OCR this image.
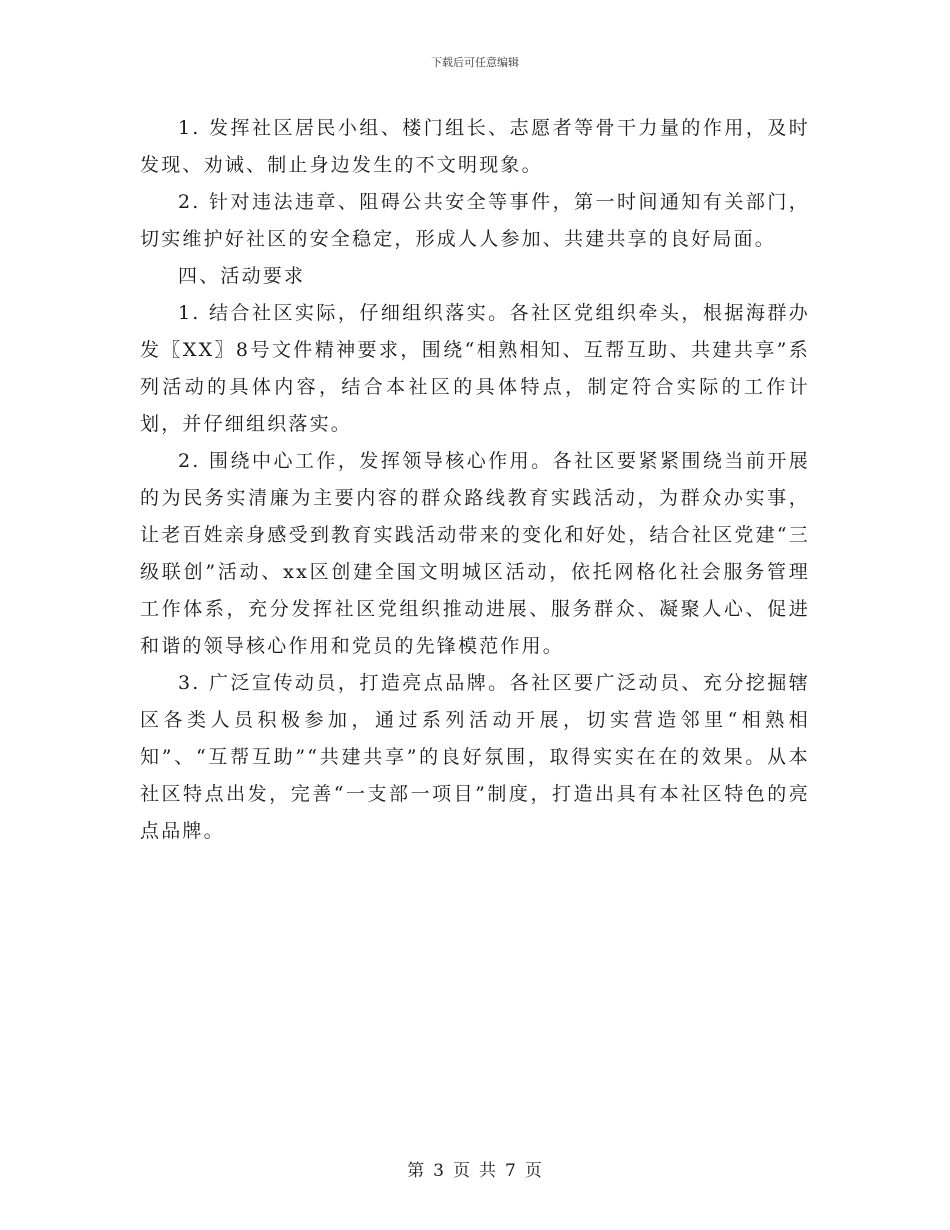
下载后可任意编辑

1. 发挥社区居民小组、楼门组长、志愿者等骨干力量的作用，及时发现、劝诫、制止身边发生的不文明现象。

2. 针对违法违章、阻碍公共安全等事件，第一时间通知有关部门，切实维护好社区的安全稳定，形成人人参加、共建共享的良好局面。

四、活动要求

1. 结合社区实际，仔细组织落实。各社区党组织牵头，根据海群办发〖XX〗8号文件精神要求，围绕“相熟相知、互帮互助、共建共享”系列活动的具体内容，结合本社区的具体特点，制定符合实际的工作计划，并仔细组织落实。

2. 围绕中心工作，发挥领导核心作用。各社区要紧紧围绕当前开展的为民务实清廉为主要内容的群众路线教育实践活动，为群众办实事，让老百姓亲身感受到教育实践活动带来的变化和好处，结合社区党建“三级联创”活动、xx区创建全国文明城区活动，依托网格化社会服务管理工作体系，充分发挥社区党组织推动进展、服务群众、凝聚人心、促进和谐的领导核心作用和党员的先锋模范作用。

3. 广泛宣传动员，打造亮点品牌。各社区要广泛动员、充分挖掘辖区各类人员积极参加，通过系列活动开展，切实营造邻里“相熟相知”、“互帮互助”“共建共享”的良好氛围，取得实实在在的效果。从本社区特点出发，完善“一支部一项目”制度，打造出具有本社区特色的亮点品牌。

第 3 页 共 7 页
